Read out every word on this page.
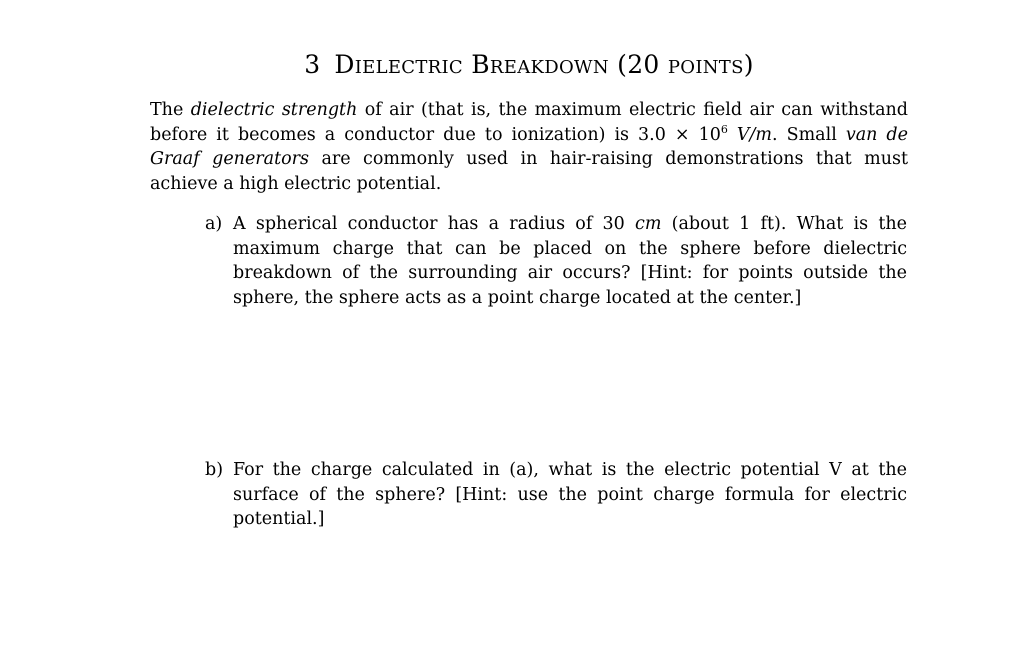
3 Dielectric Breakdown (20 points)

The dielectric strength of air (that is, the maximum electric field air can withstand before it becomes a conductor due to ionization) is $3.0 \times 10^6$ V/m. Small van de Graaf generators are commonly used in hair-raising demonstrations that must achieve a high electric potential.

a) A spherical conductor has a radius of 30 cm (about 1 ft). What is the maximum charge that can be placed on the sphere before dielectric breakdown of the surrounding air occurs? [Hint: for points outside the sphere, the sphere acts as a point charge located at the center.]

b) For the charge calculated in (a), what is the electric potential V at the surface of the sphere? [Hint: use the point charge formula for electric potential.]
